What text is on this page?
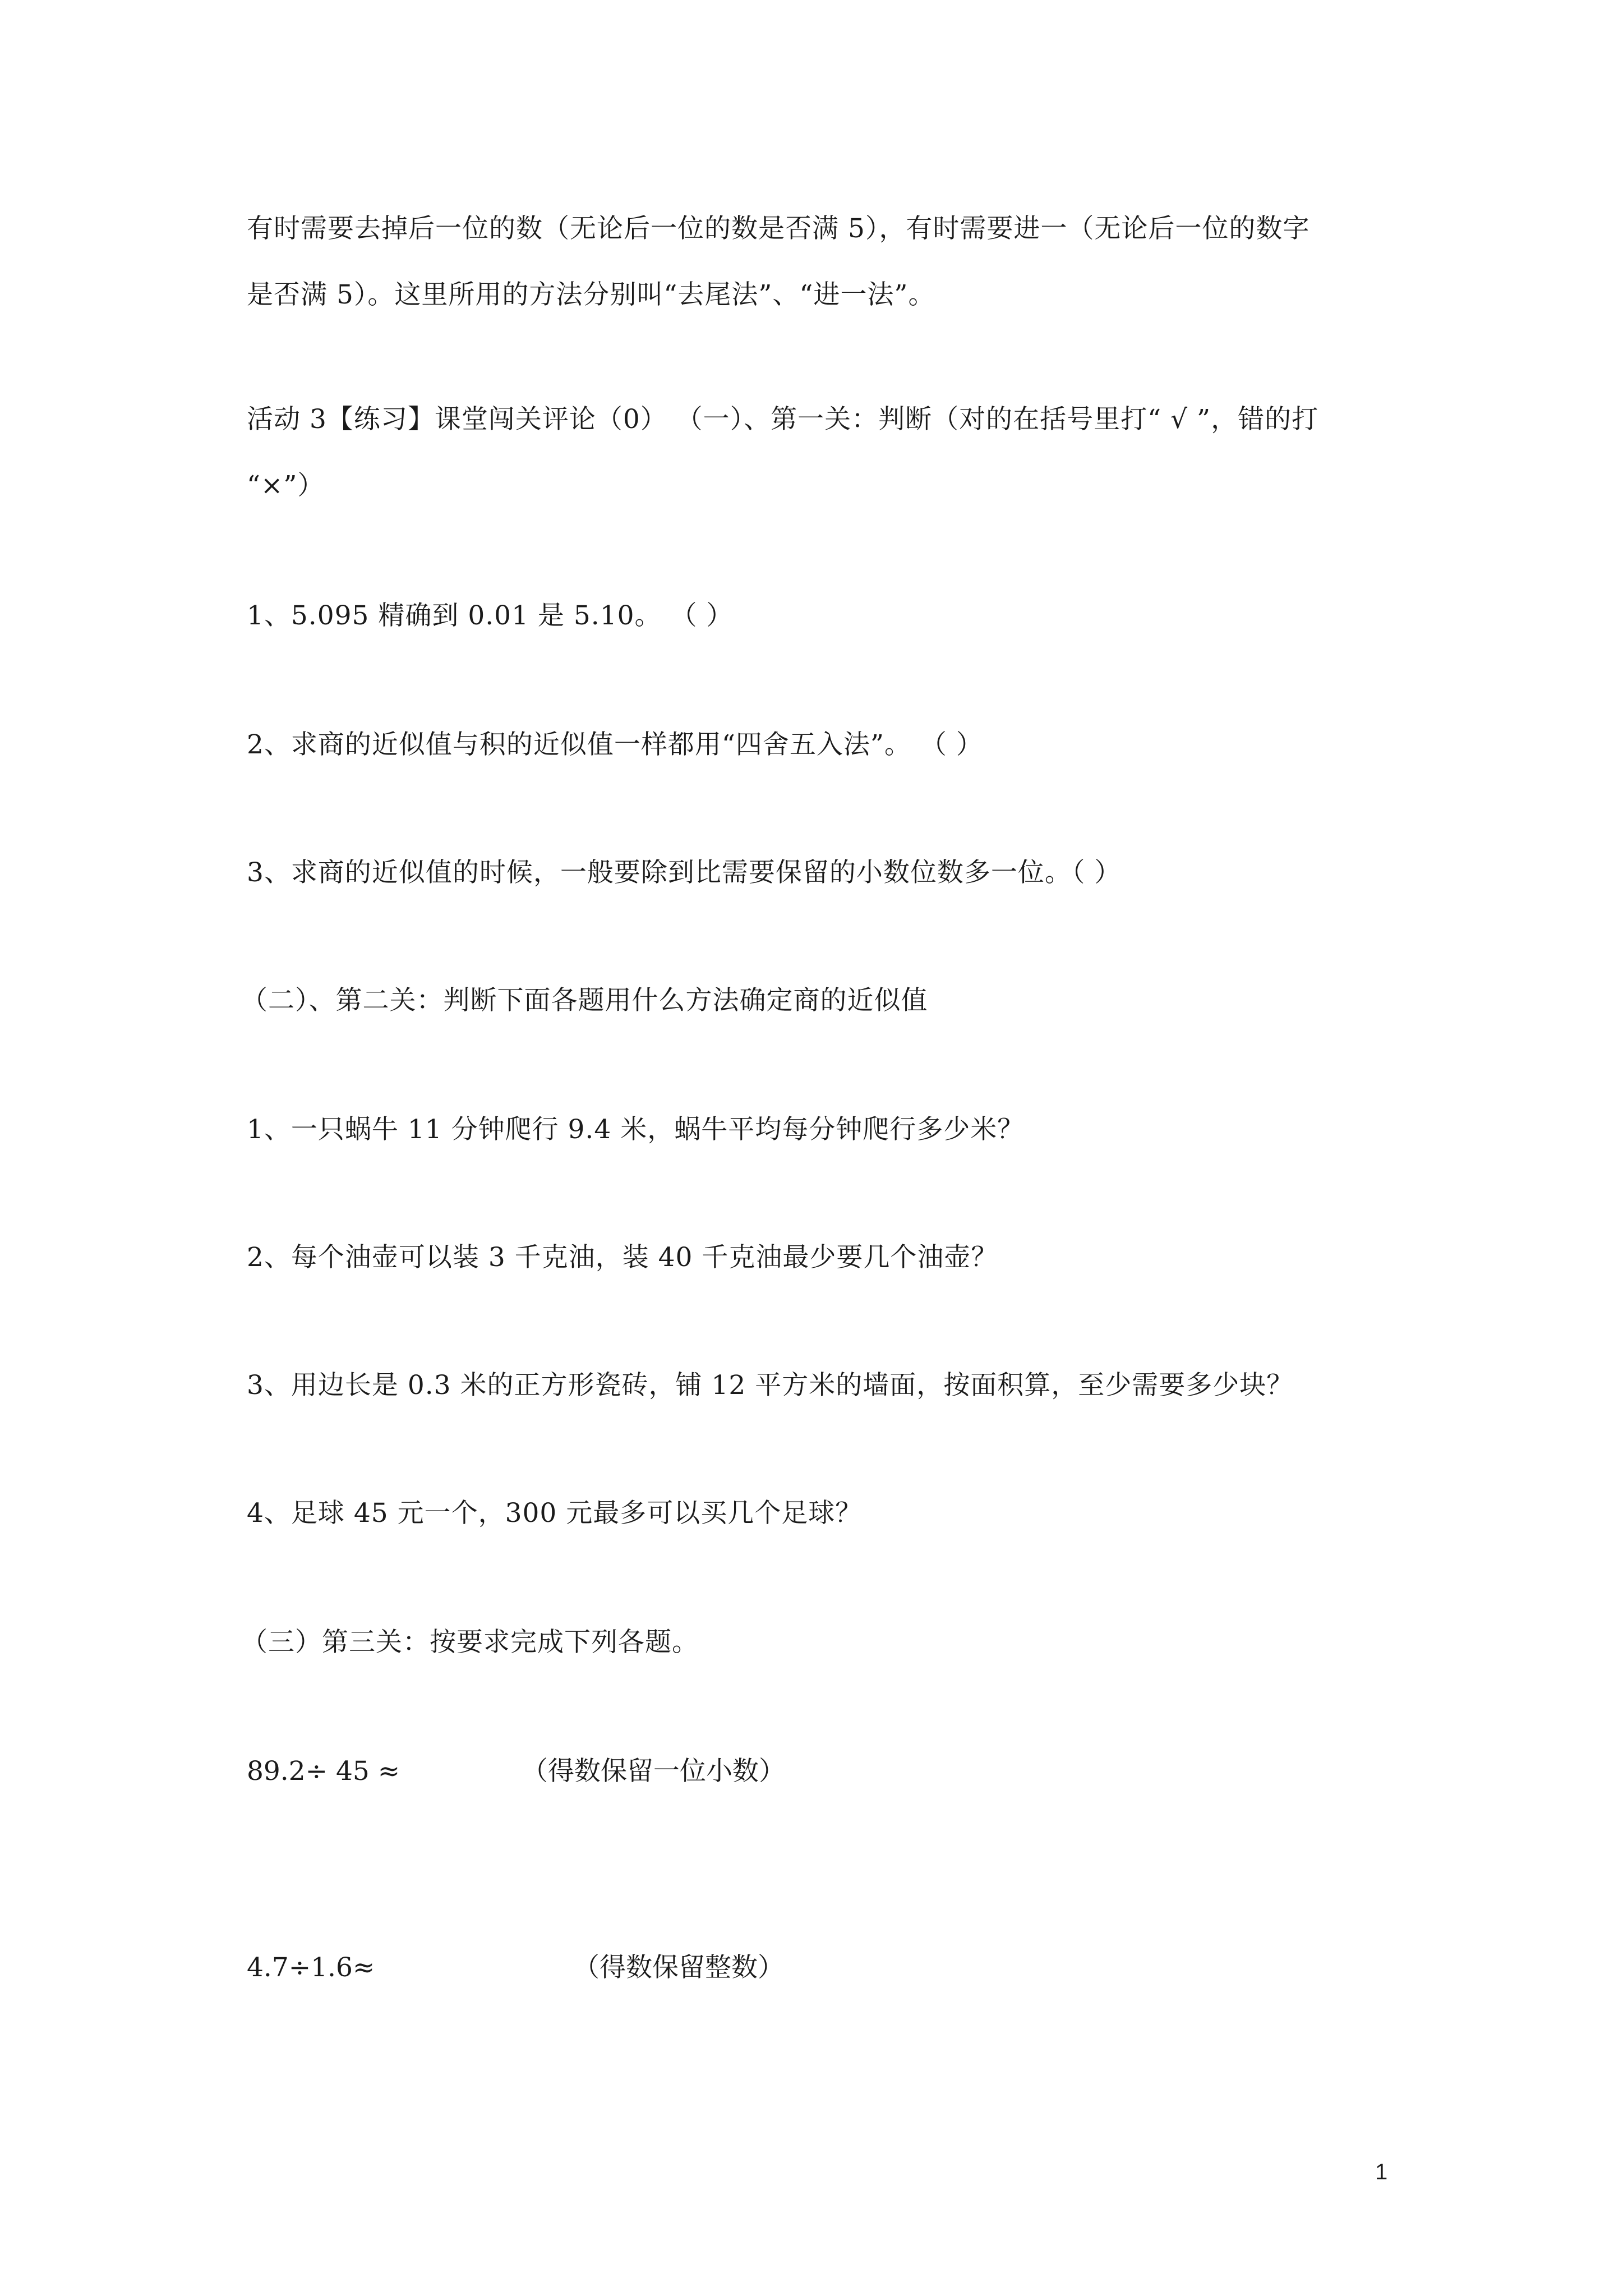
有时需要去掉后一位的数（无论后一位的数是否满 5），有时需要进一（无论后一位的数字
是否满 5）。这里所用的方法分别叫“去尾法”、“进一法”。
活动 3【练习】课堂闯关评论（0） （一）、第一关：判断（对的在括号里打“ √ ”，错的打
“×”）
1、5.095 精确到 0.01 是 5.10。 （ ）
2、求商的近似值与积的近似值一样都用“四舍五入法”。 （ ）
3、求商的近似值的时候，一般要除到比需要保留的小数位数多一位。（ ）
（二）、第二关：判断下面各题用什么方法确定商的近似值
1、一只蜗牛 11 分钟爬行 9.4 米，蜗牛平均每分钟爬行多少米？
2、每个油壶可以装 3 千克油，装 40 千克油最少要几个油壶？
3、用边长是 0.3 米的正方形瓷砖，铺 12 平方米的墙面，按面积算，至少需要多少块？
4、足球 45 元一个，300 元最多可以买几个足球？
（三）第三关：按要求完成下列各题。
89.2÷ 45 ≈	（得数保留一位小数）
4.7÷1.6≈	（得数保留整数）
1
